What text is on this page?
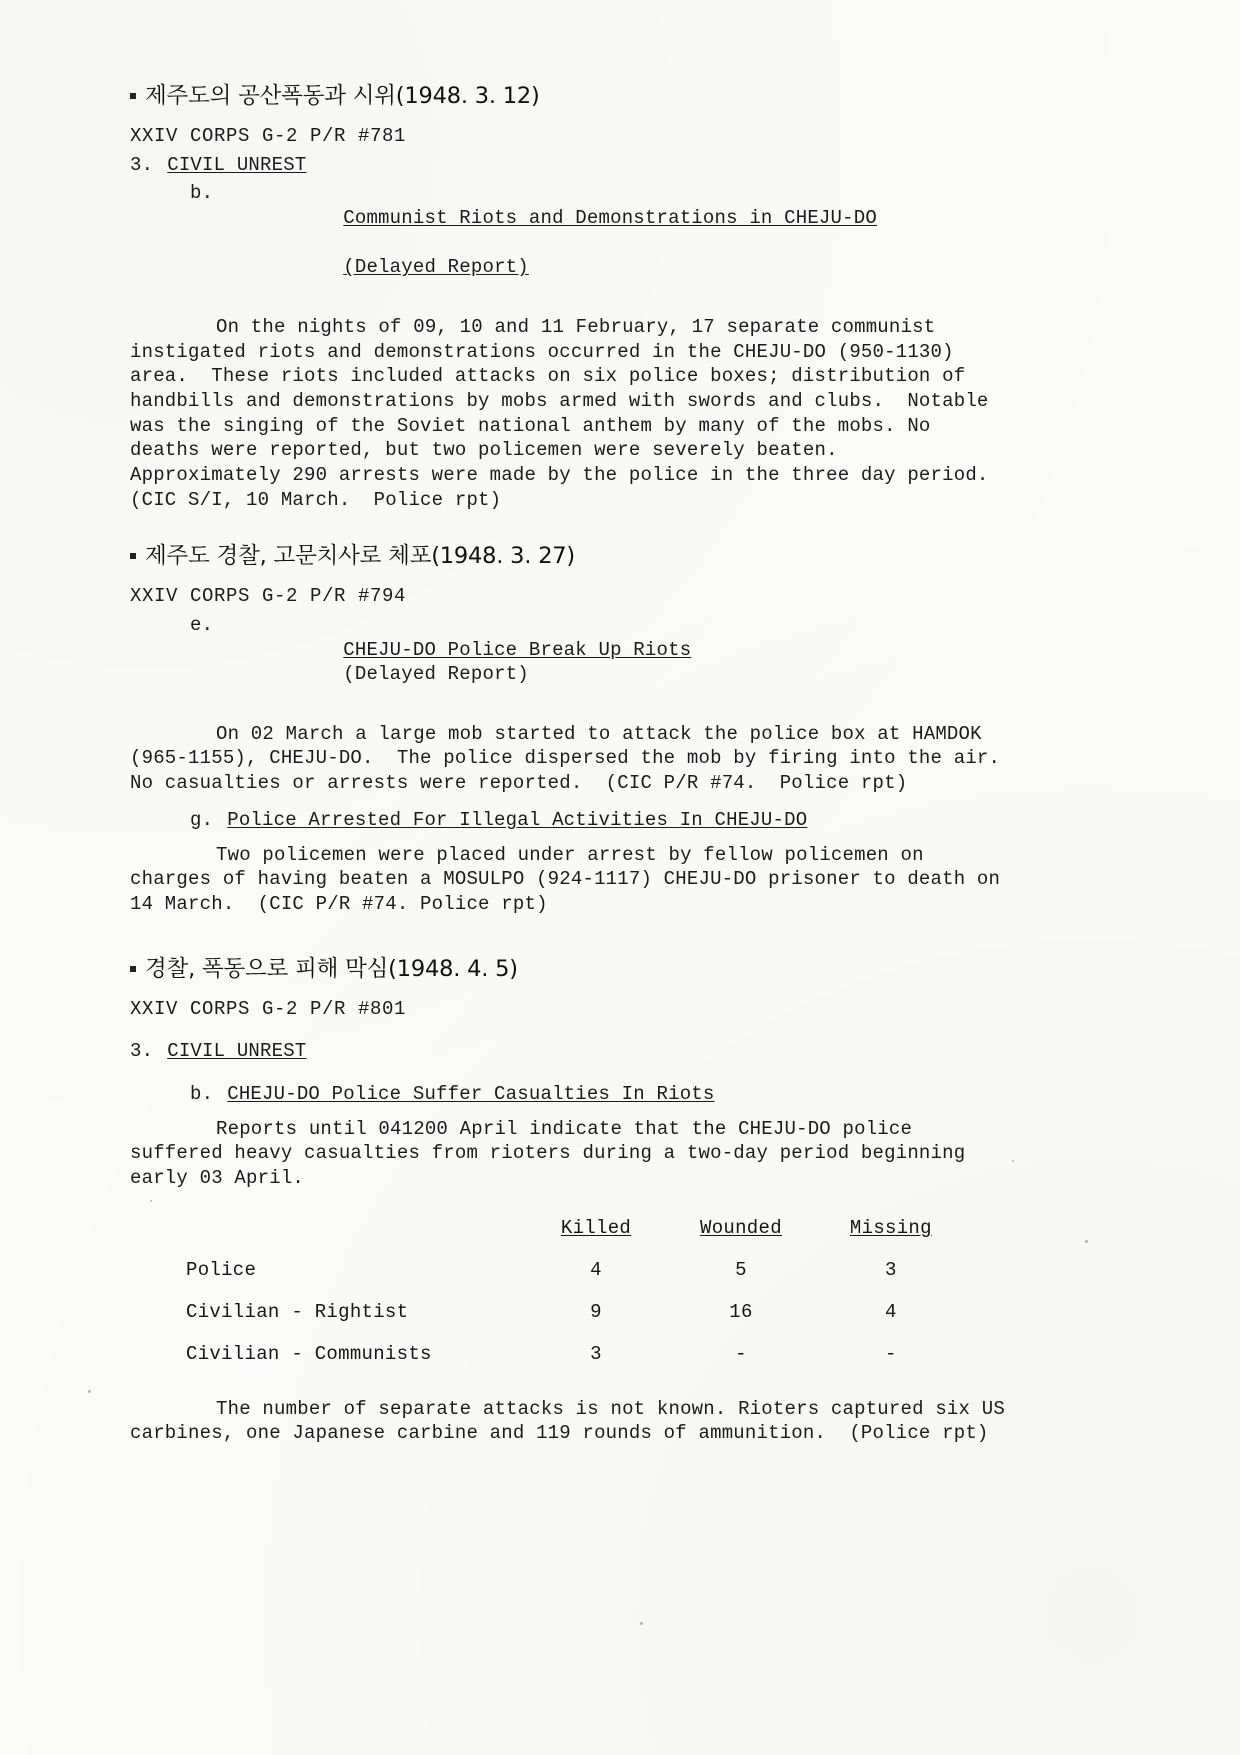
제주도의 공산폭동과 시위(1948. 3. 12)

XXIV CORPS G-2 P/R #781

3. CIVIL UNREST
b.

Communist Riots and Demonstrations in CHEJU-DO

(Delayed Report)

On the nights of 09, 10 and 11 February, 17 separate communist instigated riots and demonstrations occurred in the CHEJU-DO (950-1130) area.  These riots included attacks on six police boxes; distribution of handbills and demonstrations by mobs armed with swords and clubs.  Notable was the singing of the Soviet national anthem by many of the mobs. No deaths were reported, but two policemen were severely beaten.  Approximately 290 arrests were made by the police in the three day period.  (CIC S/I, 10 March.  Police rpt)

제주도 경찰, 고문치사로 체포(1948. 3. 27)

XXIV CORPS G-2 P/R #794

e.

CHEJU-DO Police Break Up Riots
(Delayed Report)

On 02 March a large mob started to attack the police box at HAMDOK (965-1155), CHEJU-DO.  The police dispersed the mob by firing into the air.  No casualties or arrests were reported.  (CIC P/R #74.  Police rpt)

g. Police Arrested For Illegal Activities In CHEJU-DO

Two policemen were placed under arrest by fellow policemen on charges of having beaten a MOSULPO (924-1117) CHEJU-DO prisoner to death on 14 March.  (CIC P/R #74. Police rpt)

경찰, 폭동으로 피해 막심(1948. 4. 5)

XXIV CORPS G-2 P/R #801

3. CIVIL UNREST
b. CHEJU-DO Police Suffer Casualties In Riots

Reports until 041200 April indicate that the CHEJU-DO police suffered heavy casualties from rioters during a two-day period beginning early 03 April.

	Killed	Wounded	Missing
Police	4	5	3
Civilian - Rightist	9	16	4
Civilian - Communists	3	-	-

The number of separate attacks is not known. Rioters captured six US carbines, one Japanese carbine and 119 rounds of ammunition.  (Police rpt)
